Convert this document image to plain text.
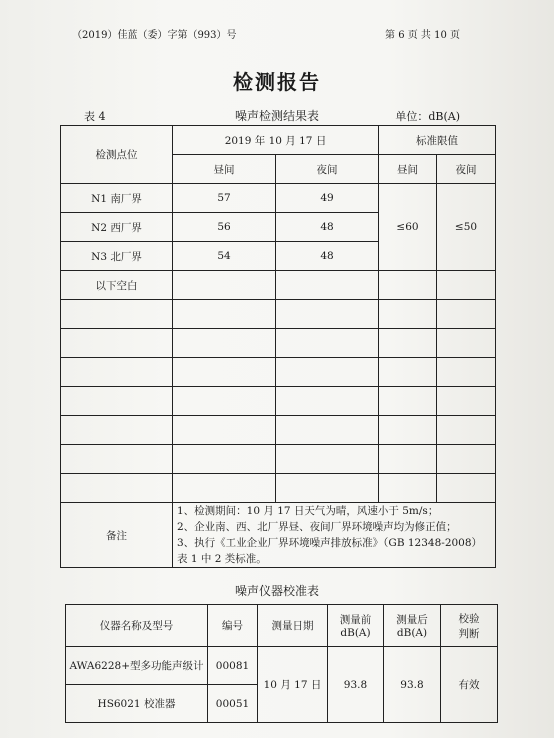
（2019）佳蓝（委）字第（993）号	第 6 页 共 10 页
检测报告
表 4	噪声检测结果表	单位：dB(A)
检测点位	2019 年 10 月 17 日		标准限值	
	昼间	夜间	昼间	夜间
N1 南厂界	57	49	≤60	≤50
N2 西厂界	56	48		
N3 北厂界	54	48		
以下空白				

备注	1、检测期间：10 月 17 日天气为晴，风速小于 5m/s；
2、企业南、西、北厂界昼、夜间厂界环境噪声均为修正值；
3、执行《工业企业厂界环境噪声排放标准》（GB 12348-2008）
表 1 中 2 类标准。			
噪声仪器校准表
仪器名称及型号	编号	测量日期	测量前 dB(A)	测量后 dB(A)	校验 判断
AWA6228+型多功能声级计	00081	10 月 17 日	93.8	93.8	有效
HS6021 校准器	00051				
